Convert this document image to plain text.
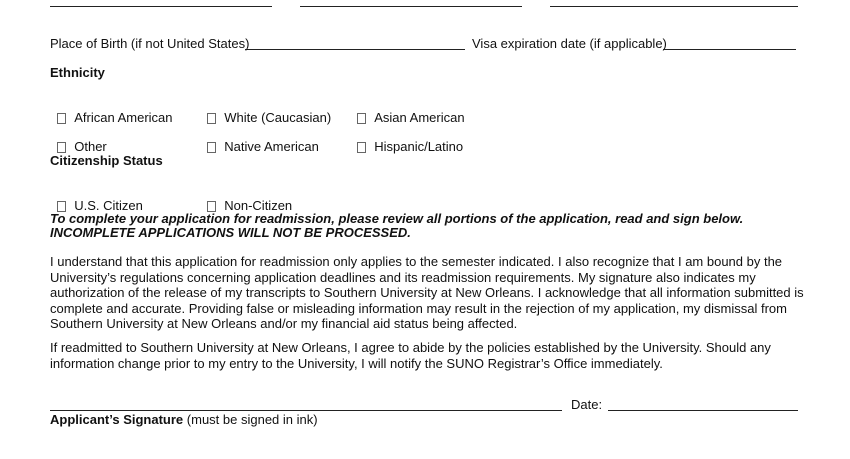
Place of Birth (if not United States)	Visa expiration date (if applicable)
Ethnicity

African American	White (Caucasian)	Asian American

Other	Native American	Hispanic/Latino

Citizenship Status

U.S. Citizen	Non-Citizen

To complete your application for readmission, please review all portions of the application, read and sign below.
INCOMPLETE APPLICATIONS WILL NOT BE PROCESSED.
I understand that this application for readmission only applies to the semester indicated. I also recognize that I am bound by the University’s regulations concerning application deadlines and its readmission requirements. My signature also indicates my authorization of the release of my transcripts to Southern University at New Orleans. I acknowledge that all information submitted is complete and accurate. Providing false or misleading information may result in the rejection of my application, my dismissal from Southern University at New Orleans and/or my financial aid status being affected.
If readmitted to Southern University at New Orleans, I agree to abide by the policies established by the University. Should any information change prior to my entry to the University, I will notify the SUNO Registrar’s Office immediately.
Date:
Applicant’s Signature (must be signed in ink)
